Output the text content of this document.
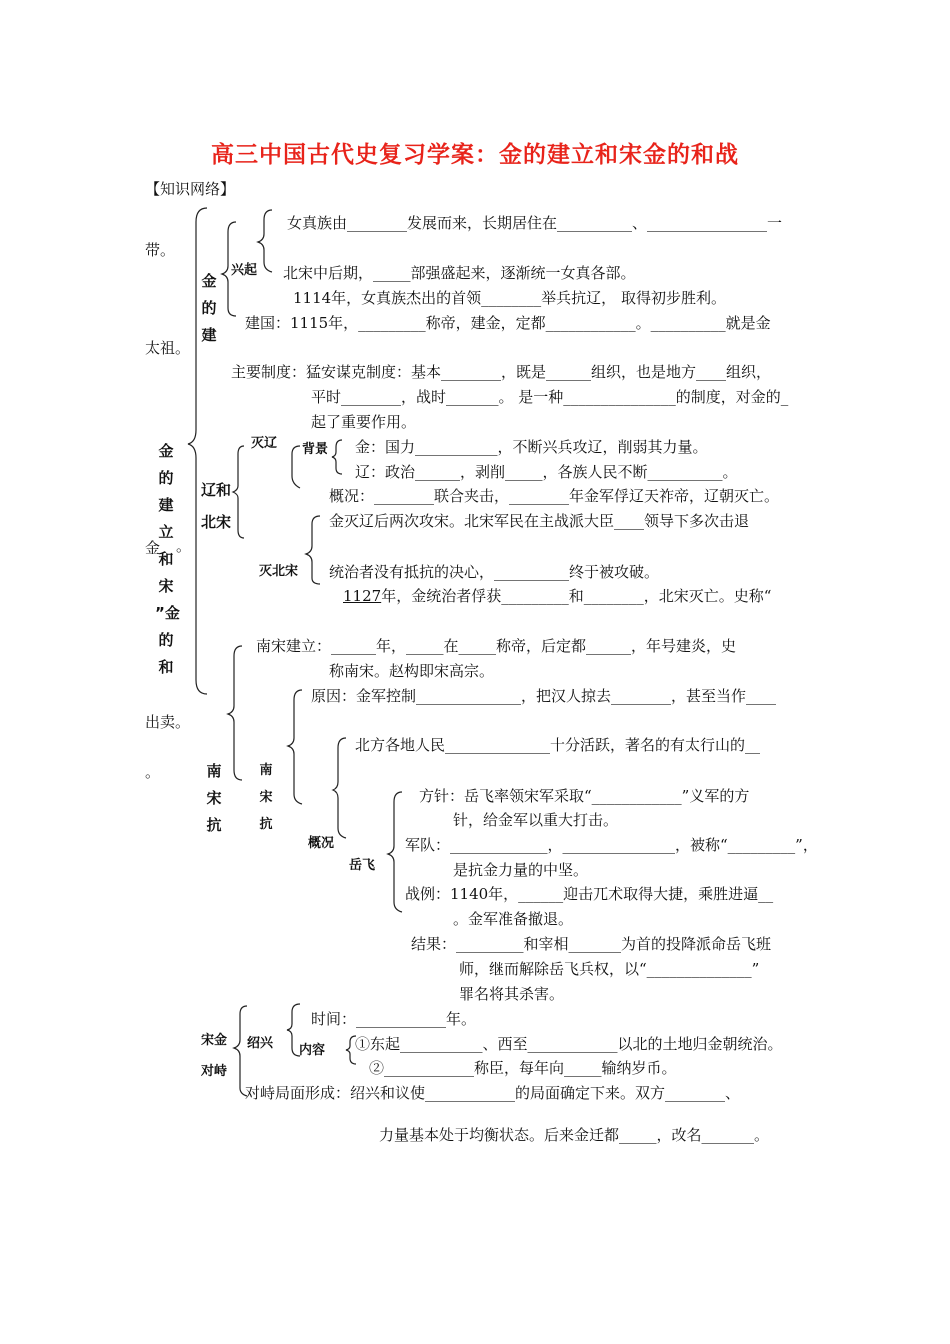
高三中国古代史复习学案：金的建立和宋金的和战
【知识网络】
带。
太祖。
金 。
出卖。
。
金
的
建
立
和
宋
”金
的
和
金
的
建
南
宋
抗
南
宋
抗
兴起
灭辽
辽和
北宋
背景
灭北宋
概况
岳飞
宋金
对峙
绍兴 内容
女真族由________发展而来，长期居住在__________、________________一
北宋中后期，_____部强盛起来，逐渐统一女真各部。
1114年，女真族杰出的首领________举兵抗辽， 取得初步胜利。
建国：1115年，_________称帝，建金，定都____________。__________就是金
主要制度：猛安谋克制度：基本________，既是______组织，也是地方____组织，
平时________，战时_______。 是一种_______________的制度，对金的_
起了重要作用。
金：国力___________，不断兴兵攻辽，削弱其力量。
辽：政治______，剥削_____，各族人民不断__________。
概况：________联合夹击，________年金军俘辽天祚帝，辽朝灭亡。
金灭辽后两次攻宋。北宋军民在主战派大臣____领导下多次击退
统治者没有抵抗的决心，__________终于被攻破。
1127年，金统治者俘获_________和________，北宋灭亡。史称“
南宋建立：______年，_____在_____称帝，后定都______，年号建炎，史
称南宋。赵构即宋高宗。
原因：金军控制______________，把汉人掠去________，甚至当作____
北方各地人民______________十分活跃，著名的有太行山的__
方针：岳飞率领宋军采取“____________”义军的方
针，给金军以重大打击。
军队：_____________，_______________，被称“_________”，
是抗金力量的中坚。
战例：1140年，______迎击兀术取得大捷，乘胜进逼__
。金军准备撤退。
结果：_________和宰相_______为首的投降派命岳飞班
师，继而解除岳飞兵权，以“______________”
罪名将其杀害。
时间：____________年。
①东起___________、西至____________以北的土地归金朝统治。
②____________称臣，每年向_____输纳岁币。
对峙局面形成：绍兴和议使____________的局面确定下来。双方________、
力量基本处于均衡状态。后来金迁都_____，改名_______。
